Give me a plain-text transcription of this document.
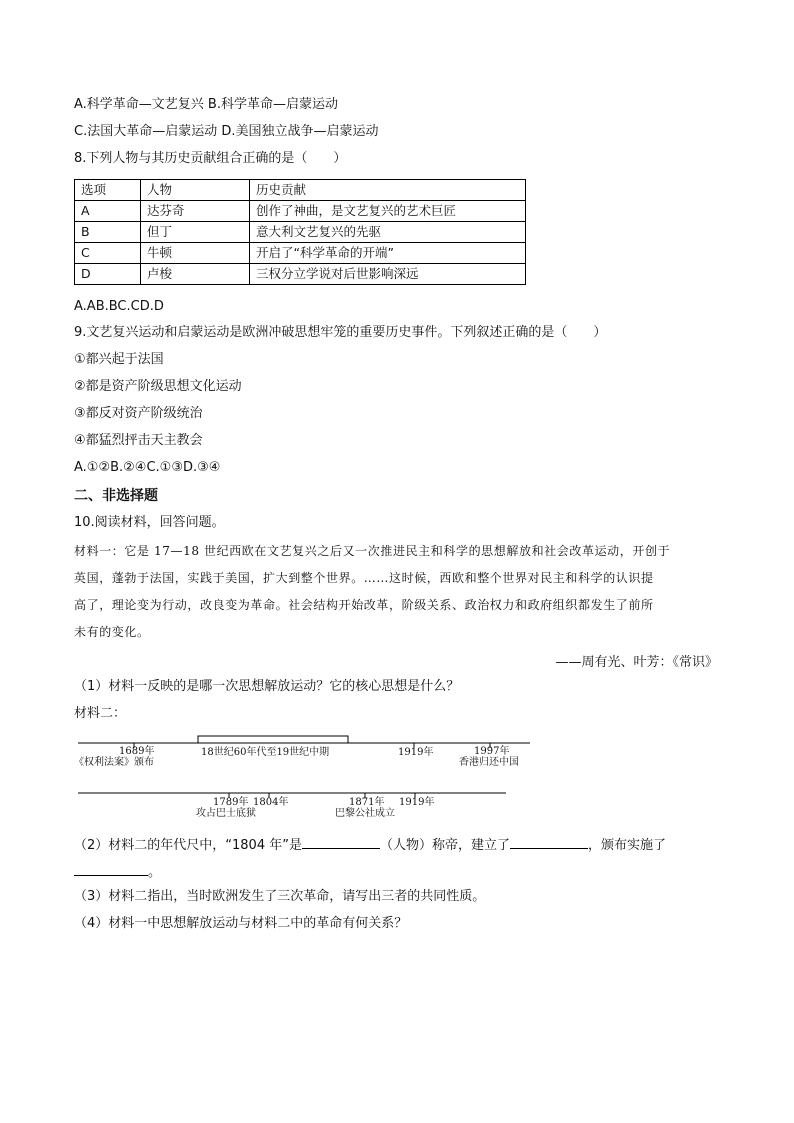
A.科学革命—文艺复兴 B.科学革命—启蒙运动
C.法国大革命—启蒙运动 D.美国独立战争—启蒙运动
8.下列人物与其历史贡献组合正确的是（　　）
选项	人物	历史贡献
A	达芬奇	创作了神曲，是文艺复兴的艺术巨匠
B	但丁	意大利文艺复兴的先驱
C	牛顿	开启了“科学革命的开端”
D	卢梭	三权分立学说对后世影响深远
A.AB.BC.CD.D
9.文艺复兴运动和启蒙运动是欧洲冲破思想牢笼的重要历史事件。下列叙述正确的是（　　）
①都兴起于法国
②都是资产阶级思想文化运动
③都反对资产阶级统治
④都猛烈抨击天主教会
A.①②B.②④C.①③D.③④
二、非选择题
10.阅读材料，回答问题。
材料一：它是 17—18 世纪西欧在文艺复兴之后又一次推进民主和科学的思想解放和社会改革运动，开创于
英国，蓬勃于法国，实践于美国，扩大到整个世界。……这时候，西欧和整个世界对民主和科学的认识提
高了，理论变为行动，改良变为革命。社会结构开始改革，阶级关系、政治权力和政府组织都发生了前所
未有的变化。
——周有光、叶芳：《常识》
（1）材料一反映的是哪一次思想解放运动？它的核心思想是什么？
材料二：
1689年
《权利法案》颁布
18世纪60年代至19世纪中期	1919年	1997年
香港归还中国
1789年
攻占巴士底狱
1804年	1871年
巴黎公社成立
1919年
（2）材料二的年代尺中，“1804 年”是	（人物）称帝，建立了	，颁布实施了
。
（3）材料二指出，当时欧洲发生了三次革命，请写出三者的共同性质。
（4）材料一中思想解放运动与材料二中的革命有何关系？
